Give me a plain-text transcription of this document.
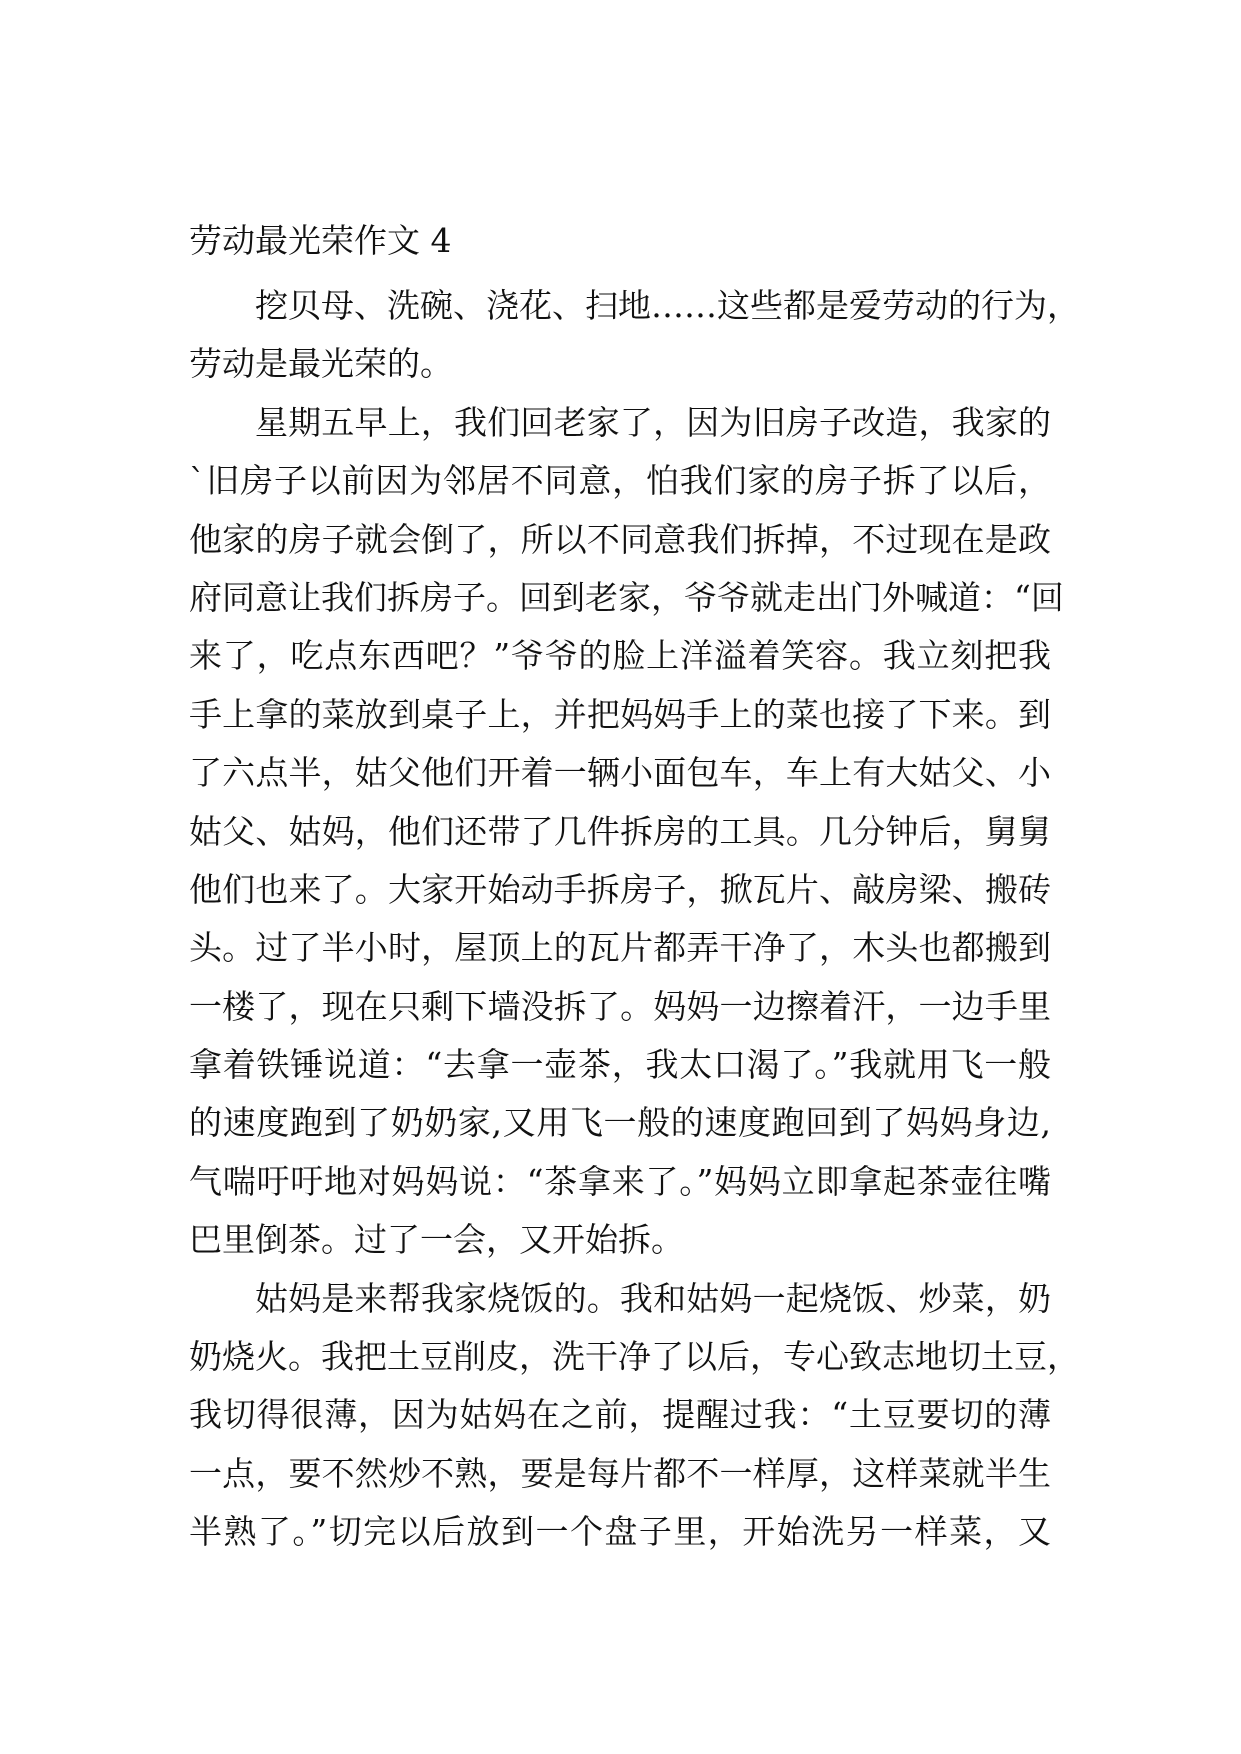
劳动最光荣作文 4
挖贝母、洗碗、浇花、扫地……这些都是爱劳动的行为，
劳动是最光荣的。
星期五早上，我们回老家了，因为旧房子改造，我家的
`旧房子以前因为邻居不同意，怕我们家的房子拆了以后，
他家的房子就会倒了，所以不同意我们拆掉，不过现在是政
府同意让我们拆房子。回到老家，爷爷就走出门外喊道：“回
来了，吃点东西吧？”爷爷的脸上洋溢着笑容。我立刻把我
手上拿的菜放到桌子上，并把妈妈手上的菜也接了下来。到
了六点半，姑父他们开着一辆小面包车，车上有大姑父、小
姑父、姑妈，他们还带了几件拆房的工具。几分钟后，舅舅
他们也来了。大家开始动手拆房子，掀瓦片、敲房梁、搬砖
头。过了半小时，屋顶上的瓦片都弄干净了，木头也都搬到
一楼了，现在只剩下墙没拆了。妈妈一边擦着汗，一边手里
拿着铁锤说道：“去拿一壶茶，我太口渴了。”我就用飞一般
的速度跑到了奶奶家,又用飞一般的速度跑回到了妈妈身边,
气喘吁吁地对妈妈说：“茶拿来了。”妈妈立即拿起茶壶往嘴
巴里倒茶。过了一会，又开始拆。
姑妈是来帮我家烧饭的。我和姑妈一起烧饭、炒菜，奶
奶烧火。我把土豆削皮，洗干净了以后，专心致志地切土豆，
我切得很薄，因为姑妈在之前，提醒过我：“土豆要切的薄
一点，要不然炒不熟，要是每片都不一样厚，这样菜就半生
半熟了。”切完以后放到一个盘子里，开始洗另一样菜，又
